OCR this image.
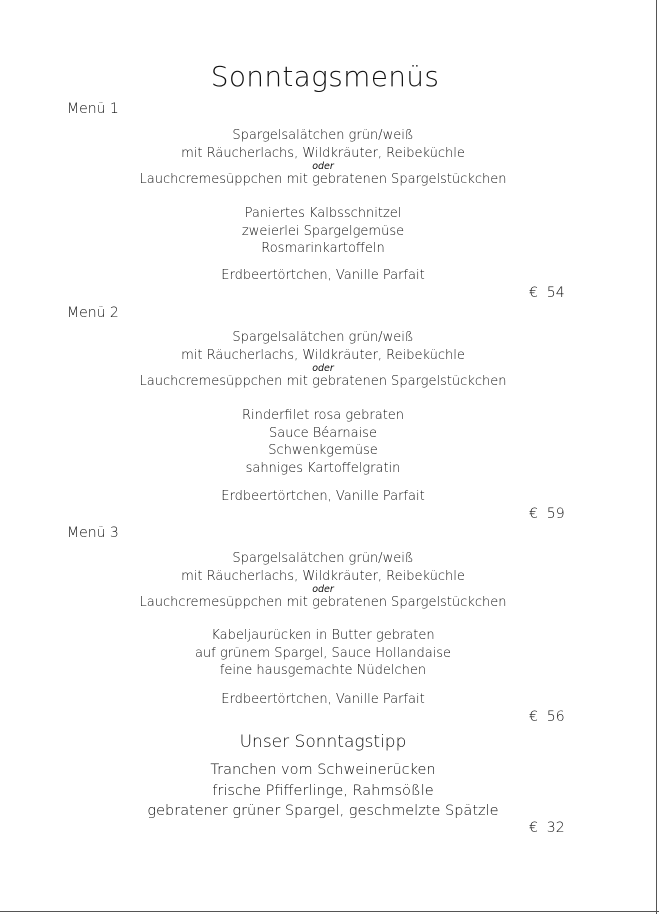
Sonntagsmenüs
Menü 1
Spargelsalätchen grün/weiß
mit Räucherlachs, Wildkräuter, Reibeküchle
oder
Lauchcremesüppchen mit gebratenen Spargelstückchen
Paniertes Kalbsschnitzel
zweierlei Spargelgemüse
Rosmarinkartoffeln
Erdbeertörtchen, Vanille Parfait
€  54
Menü 2
Spargelsalätchen grün/weiß
mit Räucherlachs, Wildkräuter, Reibeküchle
oder
Lauchcremesüppchen mit gebratenen Spargelstückchen
Rinderfilet rosa gebraten
Sauce Béarnaise
Schwenkgemüse
sahniges Kartoffelgratin
Erdbeertörtchen, Vanille Parfait
€  59
Menü 3
Spargelsalätchen grün/weiß
mit Räucherlachs, Wildkräuter, Reibeküchle
oder
Lauchcremesüppchen mit gebratenen Spargelstückchen
Kabeljaurücken in Butter gebraten
auf grünem Spargel, Sauce Hollandaise
feine hausgemachte Nüdelchen
Erdbeertörtchen, Vanille Parfait
€  56
Unser Sonntagstipp
Tranchen vom Schweinerücken
frische Pfifferlinge, Rahmsößle
gebratener grüner Spargel, geschmelzte Spätzle
€  32
